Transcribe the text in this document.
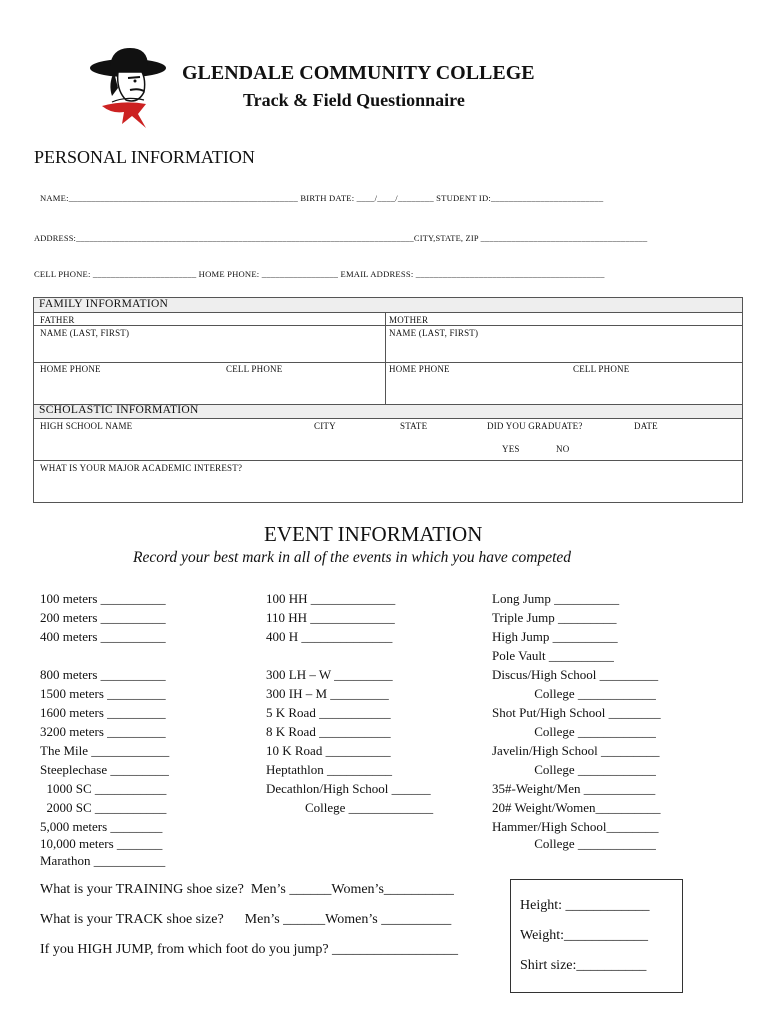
GLENDALE COMMUNITY COLLEGE
Track & Field Questionnaire
PERSONAL INFORMATION
NAME:___________________________________________________ BIRTH DATE: ____/____/________ STUDENT ID:_________________________
ADDRESS:_____________________________________________________________________________CITY,STATE, ZIP ______________________________________
CELL PHONE: _______________________ HOME PHONE: _________________ EMAIL ADDRESS: __________________________________________
FAMILY INFORMATION
FATHER	MOTHER
NAME (LAST, FIRST)	NAME (LAST, FIRST)
HOME PHONE	CELL PHONE	HOME PHONE	CELL PHONE
SCHOLASTIC INFORMATION
HIGH SCHOOL NAME	CITY	STATE	DID YOU GRADUATE?	DATE
YES	NO
WHAT IS YOUR MAJOR ACADEMIC INTEREST?
EVENT INFORMATION
Record your best mark in all of the events in which you have competed
100 meters __________
200 meters __________
400 meters __________
800 meters __________
1500 meters _________
1600 meters _________
3200 meters _________
The Mile ____________
Steeplechase _________
1000 SC ___________
2000 SC ___________
5,000 meters ________
10,000 meters _______
Marathon ___________
100 HH _____________
110 HH _____________
400 H ______________
300 LH – W _________
300 IH – M _________
5 K Road ___________
8 K Road ___________
10 K Road __________
Heptathlon __________
Decathlon/High School ______
College _____________
Long Jump __________
Triple Jump _________
High Jump __________
Pole Vault __________
Discus/High School _________
College ____________
Shot Put/High School ________
College ____________
Javelin/High School _________
College ____________
35#-Weight/Men ___________
20# Weight/Women__________
Hammer/High School________
College ____________
What is your TRAINING shoe size?  Men’s ______Women’s__________
What is your TRACK shoe size?      Men’s ______Women’s __________
If you HIGH JUMP, from which foot do you jump? __________________
Height: ____________
Weight:____________
Shirt size:__________
